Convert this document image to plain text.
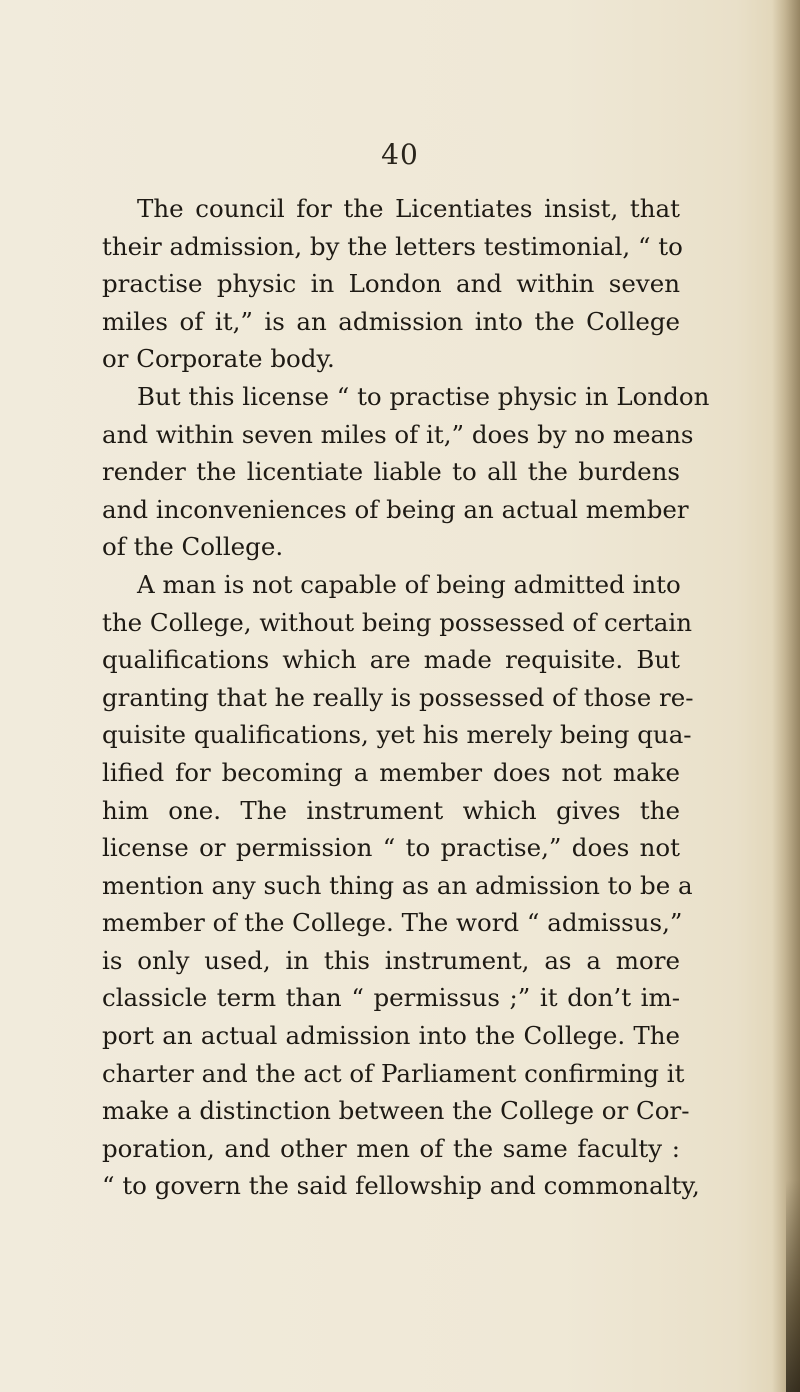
40
The council for the Licentiates insist, that
their admission, by the letters testimonial, “ to
practise physic in London and within seven
miles of it,” is an admission into the College
or Corporate body.
But this license “ to practise physic in London
and within seven miles of it,” does by no means
render the licentiate liable to all the burdens
and inconveniences of being an actual member
of the College.
A man is not capable of being admitted into
the College, without being possessed of certain
qualifications which are made requisite. But
granting that he really is possessed of those re-
quisite qualifications, yet his merely being qua-
lified for becoming a member does not make
him one. The instrument which gives the
license or permission “ to practise,” does not
mention any such thing as an admission to be a
member of the College. The word “ admissus,”
is only used, in this instrument, as a more
classicle term than “ permissus ;” it don’t im-
port an actual admission into the College. The
charter and the act of Parliament confirming it
make a distinction between the College or Cor-
poration, and other men of the same faculty :
“ to govern the said fellowship and commonalty,
